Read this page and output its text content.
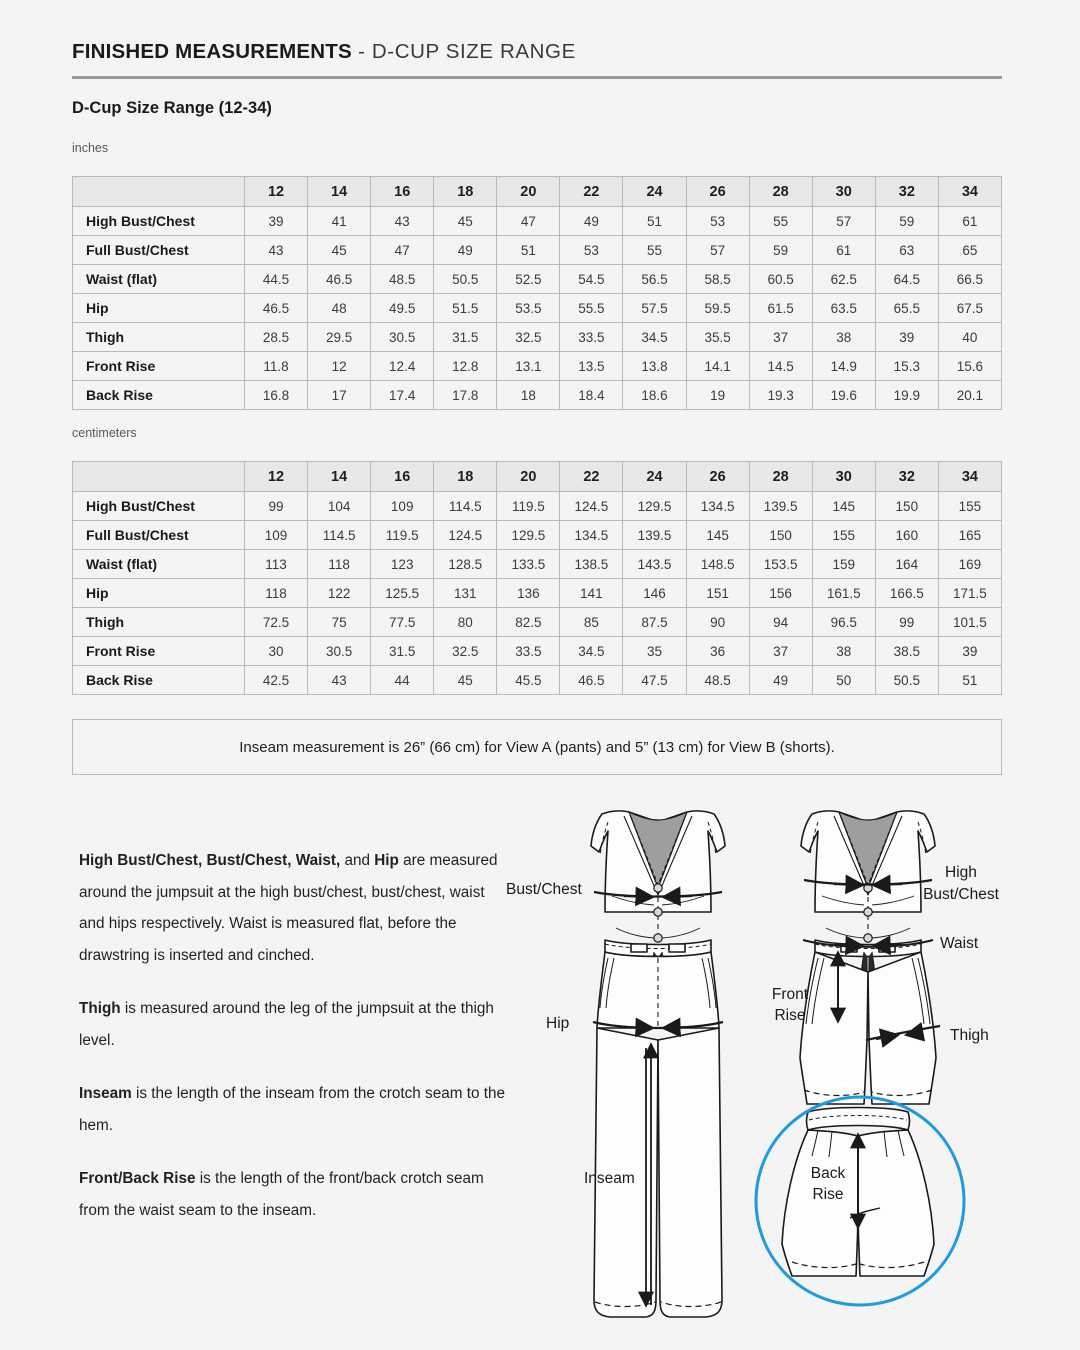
FINISHED MEASUREMENTS - D-CUP SIZE RANGE
D-Cup Size Range (12-34)
inches
centimeters
	12	14	16	18	20	22	24	26	28	30	32	34
High Bust/Chest	39	41	43	45	47	49	51	53	55	57	59	61
Full Bust/Chest	43	45	47	49	51	53	55	57	59	61	63	65
Waist (flat)	44.5	46.5	48.5	50.5	52.5	54.5	56.5	58.5	60.5	62.5	64.5	66.5
Hip	46.5	48	49.5	51.5	53.5	55.5	57.5	59.5	61.5	63.5	65.5	67.5
Thigh	28.5	29.5	30.5	31.5	32.5	33.5	34.5	35.5	37	38	39	40
Front Rise	11.8	12	12.4	12.8	13.1	13.5	13.8	14.1	14.5	14.9	15.3	15.6
Back Rise	16.8	17	17.4	17.8	18	18.4	18.6	19	19.3	19.6	19.9	20.1
	12	14	16	18	20	22	24	26	28	30	32	34
High Bust/Chest	99	104	109	114.5	119.5	124.5	129.5	134.5	139.5	145	150	155
Full Bust/Chest	109	114.5	119.5	124.5	129.5	134.5	139.5	145	150	155	160	165
Waist (flat)	113	118	123	128.5	133.5	138.5	143.5	148.5	153.5	159	164	169
Hip	118	122	125.5	131	136	141	146	151	156	161.5	166.5	171.5
Thigh	72.5	75	77.5	80	82.5	85	87.5	90	94	96.5	99	101.5
Front Rise	30	30.5	31.5	32.5	33.5	34.5	35	36	37	38	38.5	39
Back Rise	42.5	43	44	45	45.5	46.5	47.5	48.5	49	50	50.5	51
Inseam measurement is 26” (66 cm) for View A (pants) and 5” (13 cm) for View B (shorts).

High Bust/Chest, Bust/Chest, Waist, and Hip are measured around the jumpsuit at the high bust/chest, bust/chest, waist and hips respectively. Waist is measured flat, before the drawstring is inserted and cinched.

Thigh is measured around the leg of the jumpsuit at the thigh level.

Inseam is the length of the inseam from the crotch seam to the hem.

Front/Back Rise is the length of the front/back crotch seam from the waist seam to the inseam.

Bust/Chest
Hip
Inseam
High
Bust/Chest
Waist
Front
Rise
Thigh
Back
Rise
